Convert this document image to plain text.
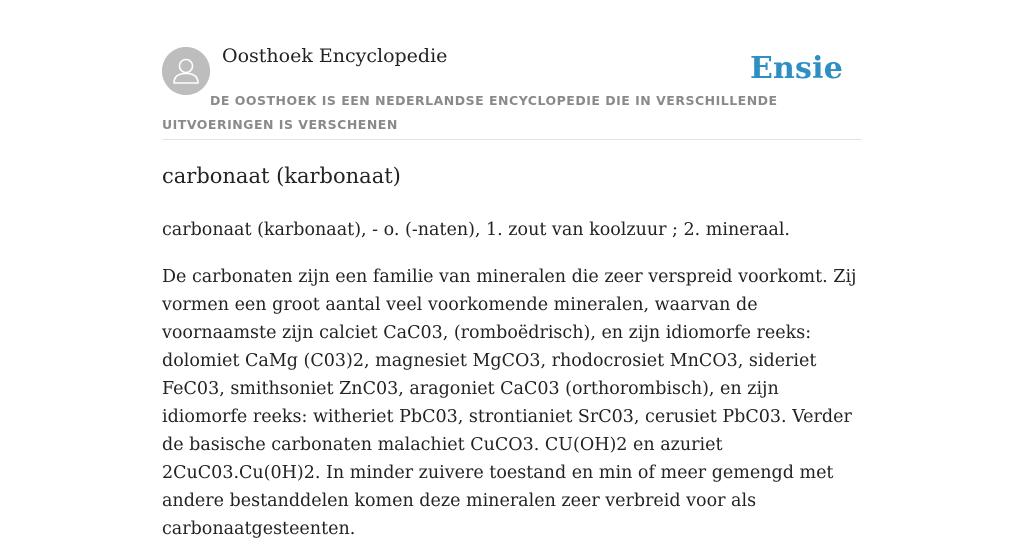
Oosthoek Encyclopedie	Ensie
DE OOSTHOEK IS EEN NEDERLANDSE ENCYCLOPEDIE DIE IN VERSCHILLENDE UITVOERINGEN IS VERSCHENEN
carbonaat (karbonaat)

carbonaat (karbonaat), - o. (-naten), 1. zout van koolzuur ; 2. mineraal.

De carbonaten zijn een familie van mineralen die zeer verspreid voorkomt. Zij vormen een groot aantal veel voorkomende mineralen, waarvan de voornaamste zijn calciet CaC03, (romboëdrisch), en zijn idiomorfe reeks: dolomiet CaMg (C03)2, magnesiet MgCO3, rhodocrosiet MnCO3, sideriet FeC03, smithsoniet ZnC03, aragoniet CaC03 (orthorombisch), en zijn idiomorfe reeks: witheriet PbC03, strontianiet SrC03, cerusiet PbC03. Verder de basische carbonaten malachiet CuCO3. CU(OH)2 en azuriet 2CuC03.Cu(0H)2. In minder zuivere toestand en min of meer gemengd met andere bestanddelen komen deze mineralen zeer verbreid voor als carbonaatgesteenten.
